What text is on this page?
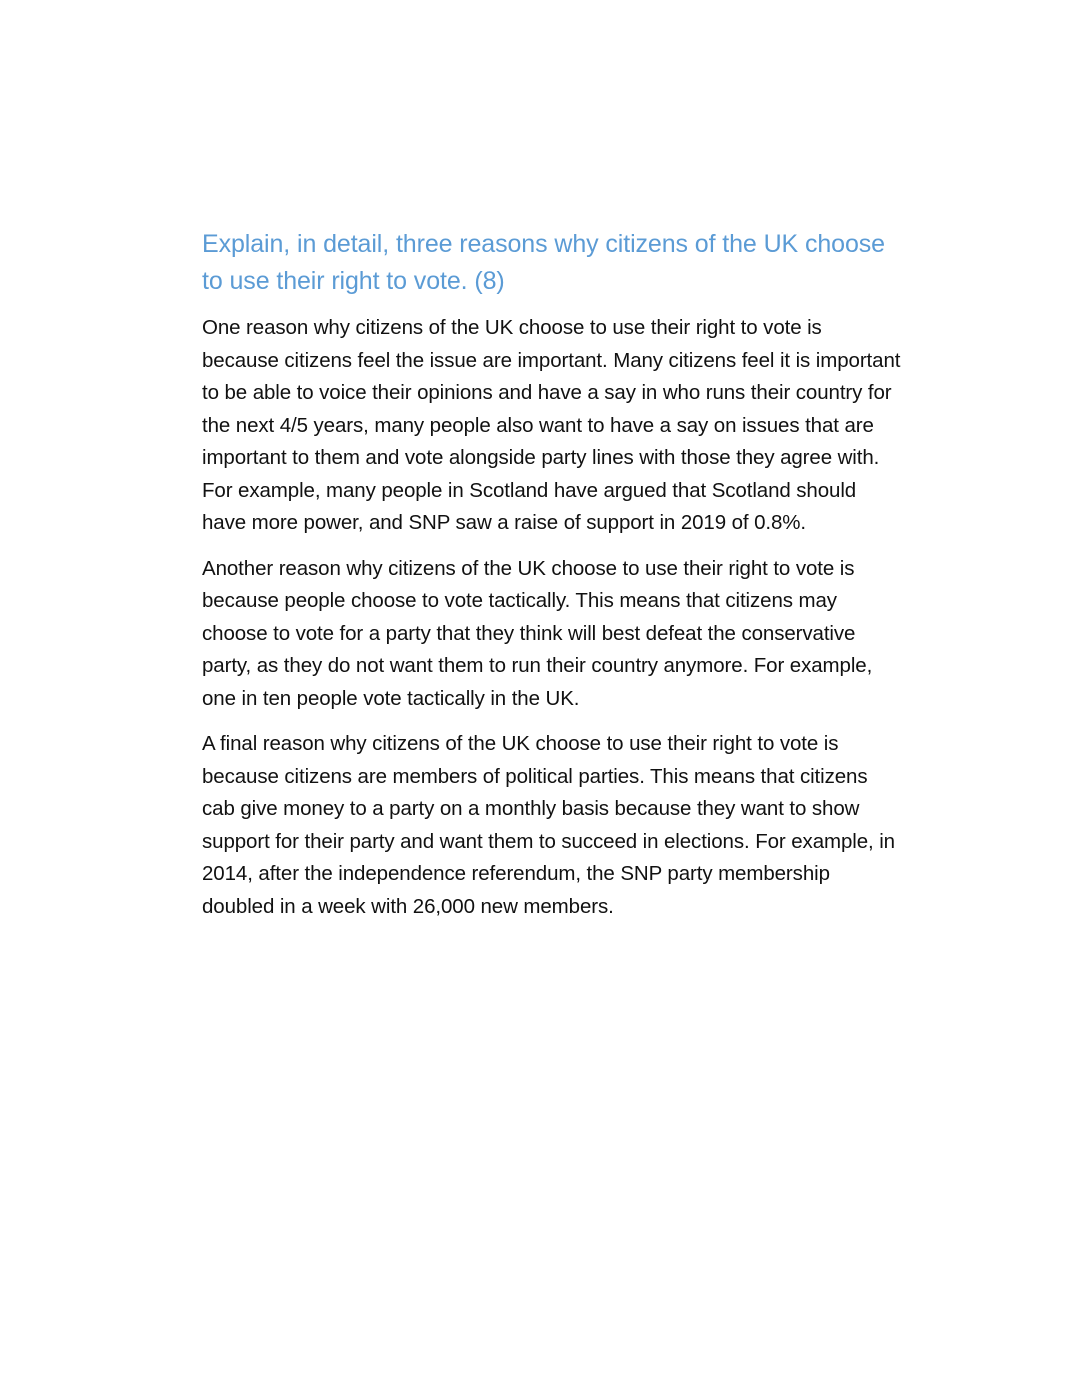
Explain, in detail, three reasons why citizens of the UK choose to use their right to vote. (8)

One reason why citizens of the UK choose to use their right to vote is because citizens feel the issue are important. Many citizens feel it is important to be able to voice their opinions and have a say in who runs their country for the next 4/5 years, many people also want to have a say on issues that are important to them and vote alongside party lines with those they agree with. For example, many people in Scotland have argued that Scotland should have more power, and SNP saw a raise of support in 2019 of 0.8%.

Another reason why citizens of the UK choose to use their right to vote is because people choose to vote tactically. This means that citizens may choose to vote for a party that they think will best defeat the conservative party, as they do not want them to run their country anymore. For example, one in ten people vote tactically in the UK.

A final reason why citizens of the UK choose to use their right to vote is because citizens are members of political parties. This means that citizens cab give money to a party on a monthly basis because they want to show support for their party and want them to succeed in elections. For example, in 2014, after the independence referendum, the SNP party membership doubled in a week with 26,000 new members.
